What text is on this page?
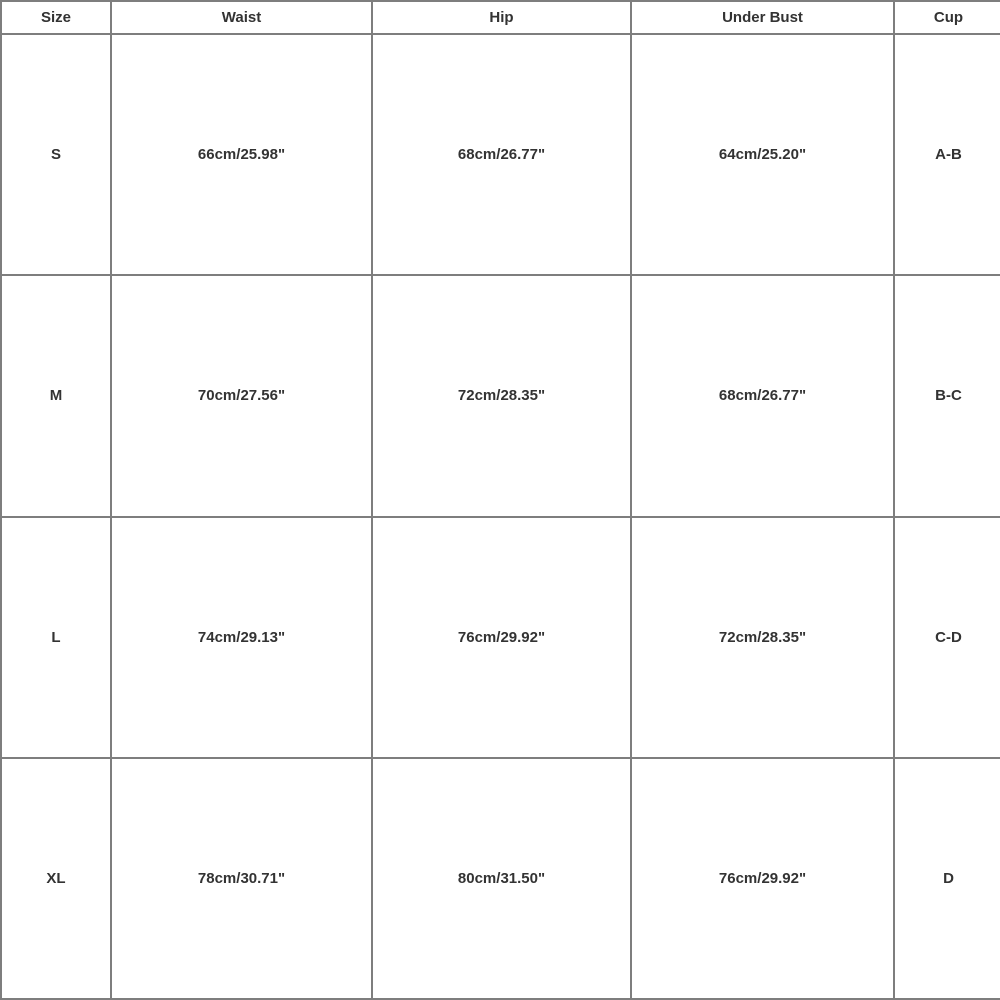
Size	Waist	Hip	Under Bust	Cup
S	66cm/25.98"	68cm/26.77"	64cm/25.20"	A-B
M	70cm/27.56"	72cm/28.35"	68cm/26.77"	B-C
L	74cm/29.13"	76cm/29.92"	72cm/28.35"	C-D
XL	78cm/30.71"	80cm/31.50"	76cm/29.92"	D
